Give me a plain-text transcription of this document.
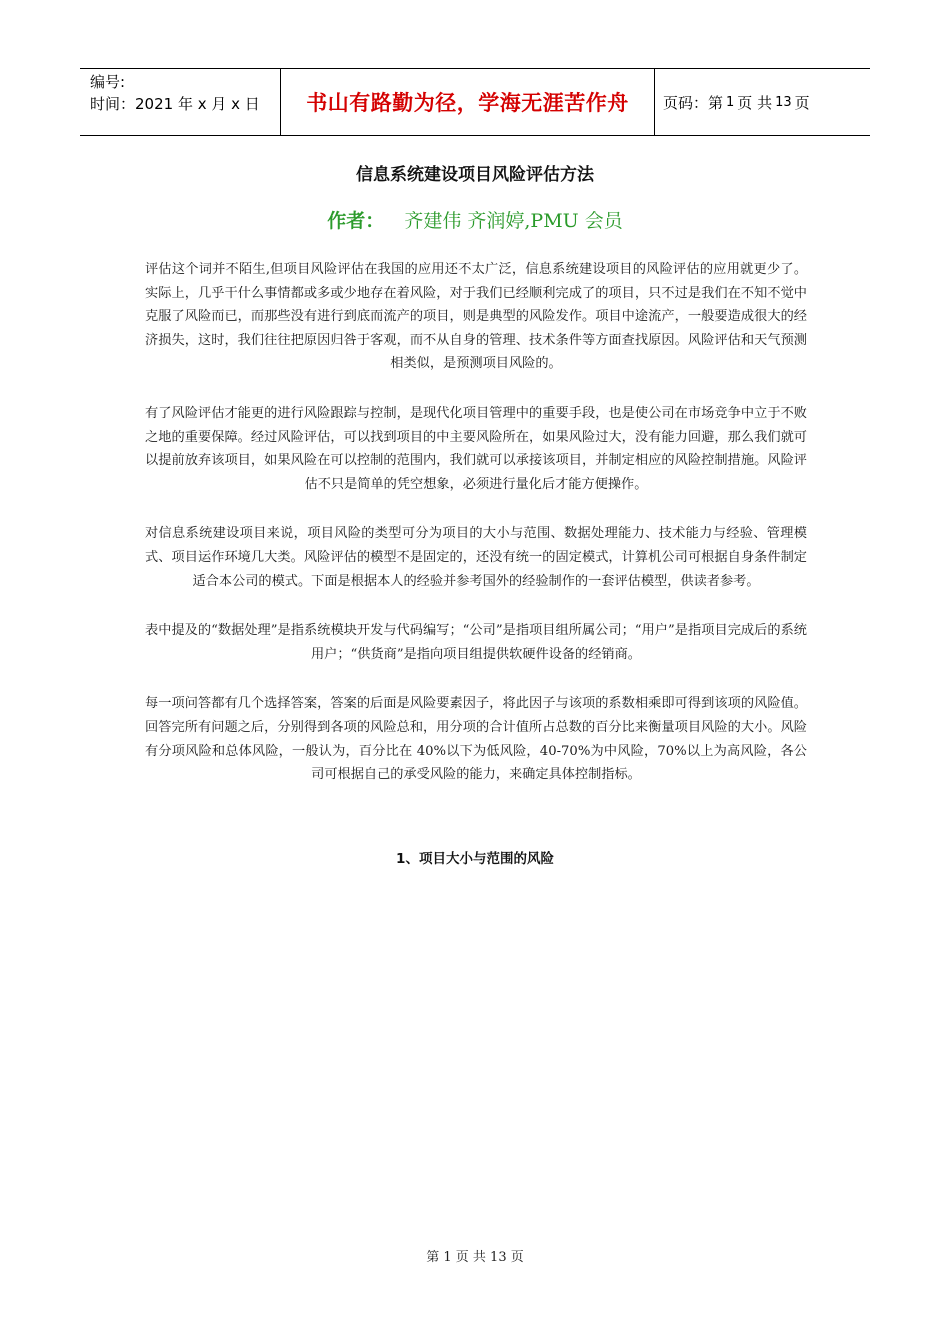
编号:
时间：2021 年 x 月 x 日	书山有路勤为径，学海无涯苦作舟	页码：第 1 页 共 13 页
信息系统建设项目风险评估方法
作者： 齐建伟 齐润婷,PMU 会员

评估这个词并不陌生,但项目风险评估在我国的应用还不太广泛，信息系统建设项目的风险评估的应用就更少了。实际上，几乎干什么事情都或多或少地存在着风险，对于我们已经顺利完成了的项目，只不过是我们在不知不觉中克服了风险而已，而那些没有进行到底而流产的项目，则是典型的风险发作。项目中途流产，一般要造成很大的经济损失，这时，我们往往把原因归咎于客观，而不从自身的管理、技术条件等方面查找原因。风险评估和天气预测相类似，是预测项目风险的。

有了风险评估才能更的进行风险跟踪与控制，是现代化项目管理中的重要手段，也是使公司在市场竞争中立于不败之地的重要保障。经过风险评估，可以找到项目的中主要风险所在，如果风险过大，没有能力回避，那么我们就可以提前放弃该项目，如果风险在可以控制的范围内，我们就可以承接该项目，并制定相应的风险控制措施。风险评估不只是简单的凭空想象，必须进行量化后才能方便操作。

对信息系统建设项目来说，项目风险的类型可分为项目的大小与范围、数据处理能力、技术能力与经验、管理模式、项目运作环境几大类。风险评估的模型不是固定的，还没有统一的固定模式，计算机公司可根据自身条件制定适合本公司的模式。下面是根据本人的经验并参考国外的经验制作的一套评估模型，供读者参考。

表中提及的“数据处理”是指系统模块开发与代码编写；“公司”是指项目组所属公司；“用户”是指项目完成后的系统用户；“供货商”是指向项目组提供软硬件设备的经销商。

每一项问答都有几个选择答案，答案的后面是风险要素因子，将此因子与该项的系数相乘即可得到该项的风险值。回答完所有问题之后，分别得到各项的风险总和，用分项的合计值所占总数的百分比来衡量项目风险的大小。风险有分项风险和总体风险，一般认为，百分比在 40%以下为低风险，40-70%为中风险，70%以上为高风险，各公司可根据自己的承受风险的能力，来确定具体控制指标。

1、项目大小与范围的风险
第 1 页 共 13 页
